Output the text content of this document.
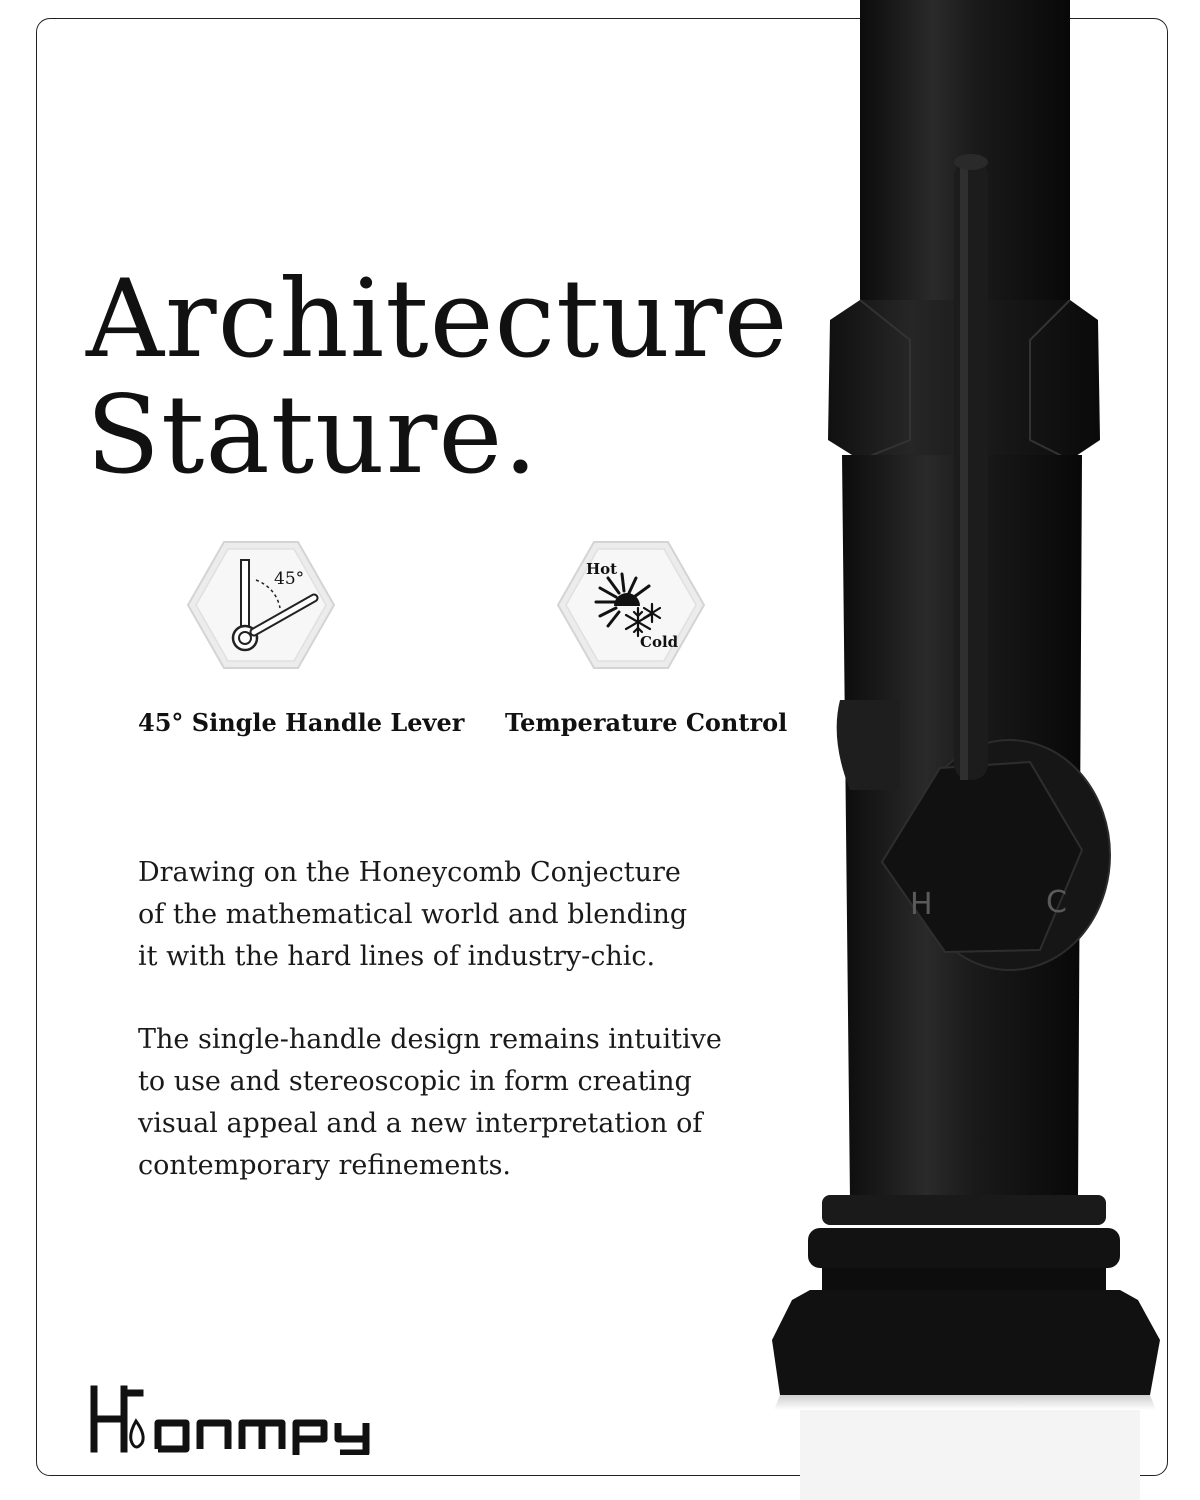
Architecture
Stature.
45°	Hot
Cold
45° Single Handle Lever Temperature Control

Drawing on the Honeycomb Conjecture
of the mathematical world and blending
it with the hard lines of industry-chic.

The single-handle design remains intuitive
to use and stereoscopic in form creating
visual appeal and a new interpretation of
contemporary refinements.

H	C
